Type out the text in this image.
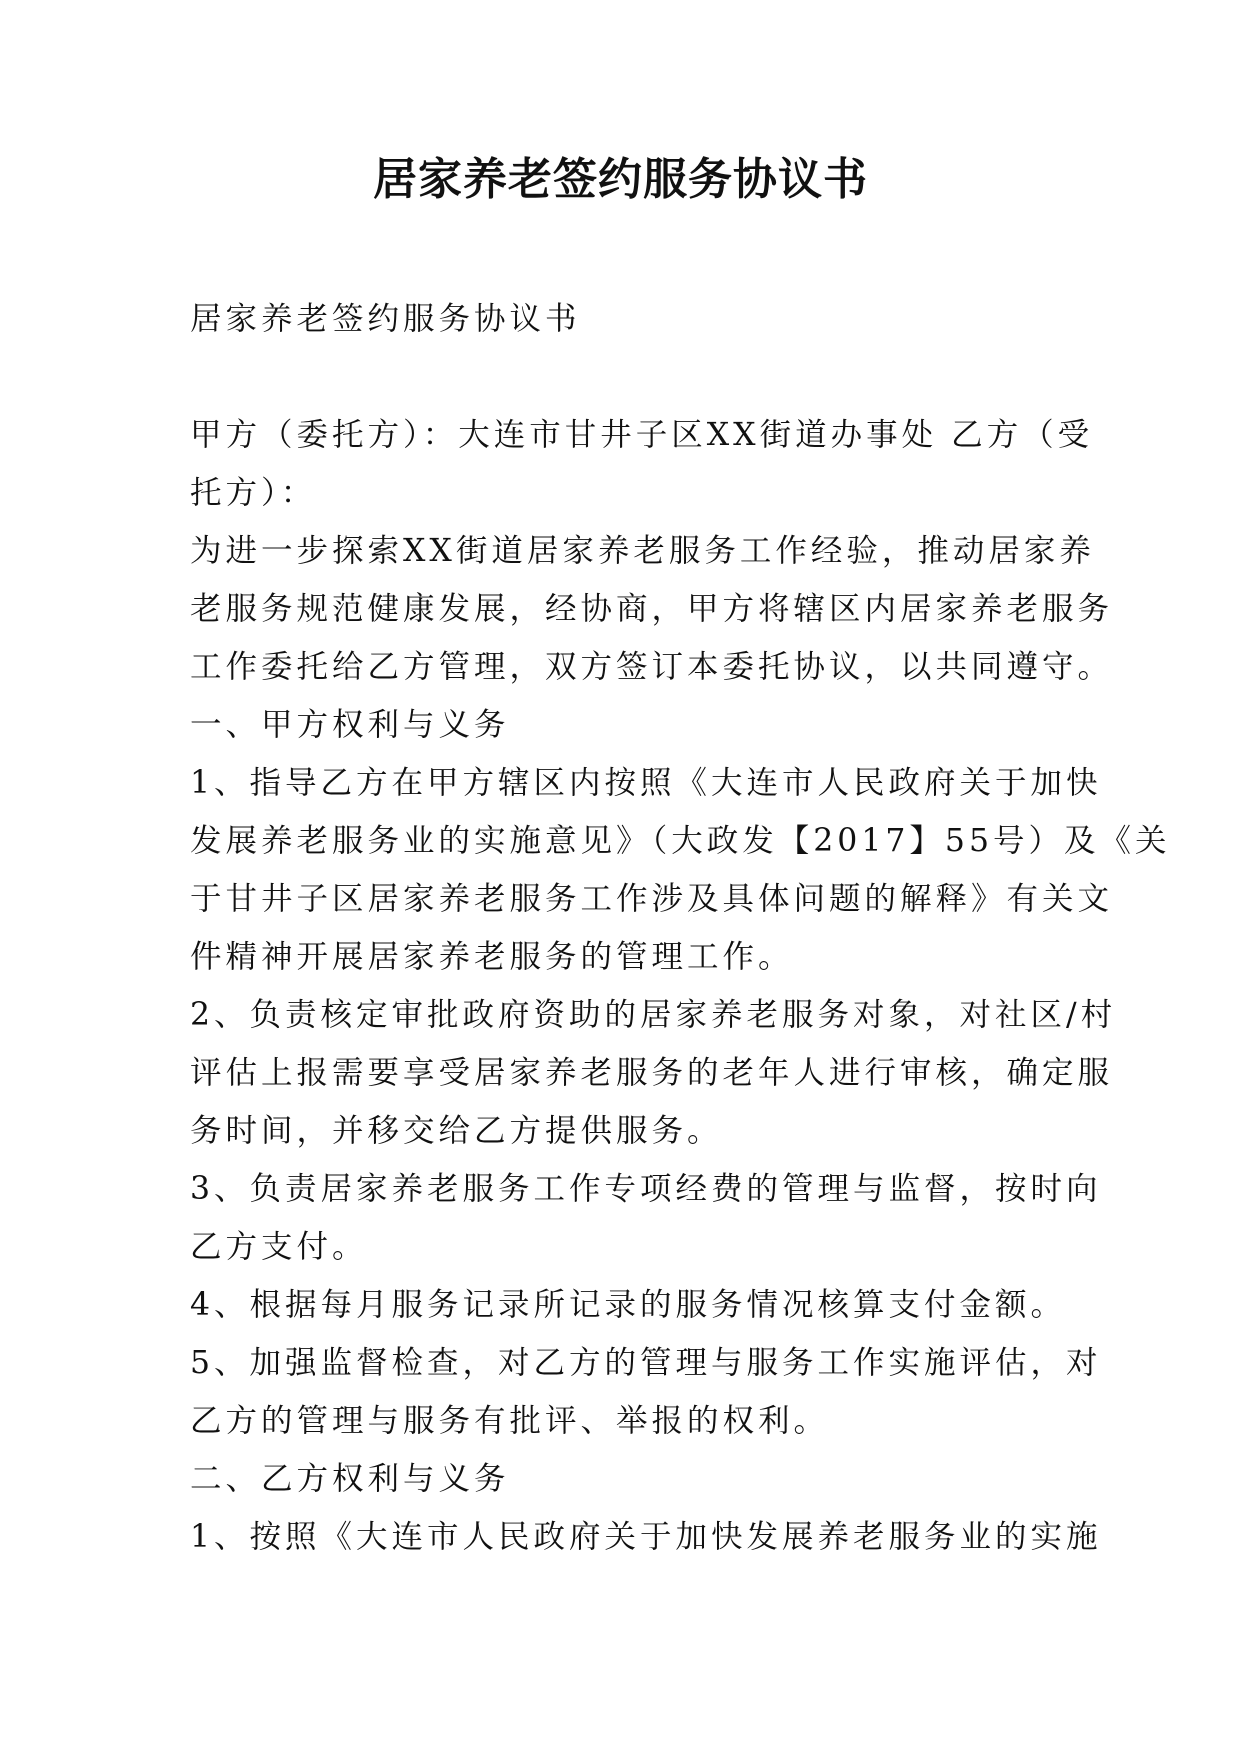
居家养老签约服务协议书
居家养老签约服务协议书

甲方（委托方）：大连市甘井子区XX街道办事处 乙方（受

托方）：

为进一步探索XX街道居家养老服务工作经验，推动居家养

老服务规范健康发展，经协商，甲方将辖区内居家养老服务

工作委托给乙方管理，双方签订本委托协议，以共同遵守。

一、甲方权利与义务

1、指导乙方在甲方辖区内按照《大连市人民政府关于加快

发展养老服务业的实施意见》（大政发【2017】55号）及《关

于甘井子区居家养老服务工作涉及具体问题的解释》有关文

件精神开展居家养老服务的管理工作。

2、负责核定审批政府资助的居家养老服务对象，对社区/村

评估上报需要享受居家养老服务的老年人进行审核，确定服

务时间，并移交给乙方提供服务。

3、负责居家养老服务工作专项经费的管理与监督，按时向

乙方支付。

4、根据每月服务记录所记录的服务情况核算支付金额。

5、加强监督检查，对乙方的管理与服务工作实施评估，对

乙方的管理与服务有批评、举报的权利。

二、乙方权利与义务

1、按照《大连市人民政府关于加快发展养老服务业的实施
